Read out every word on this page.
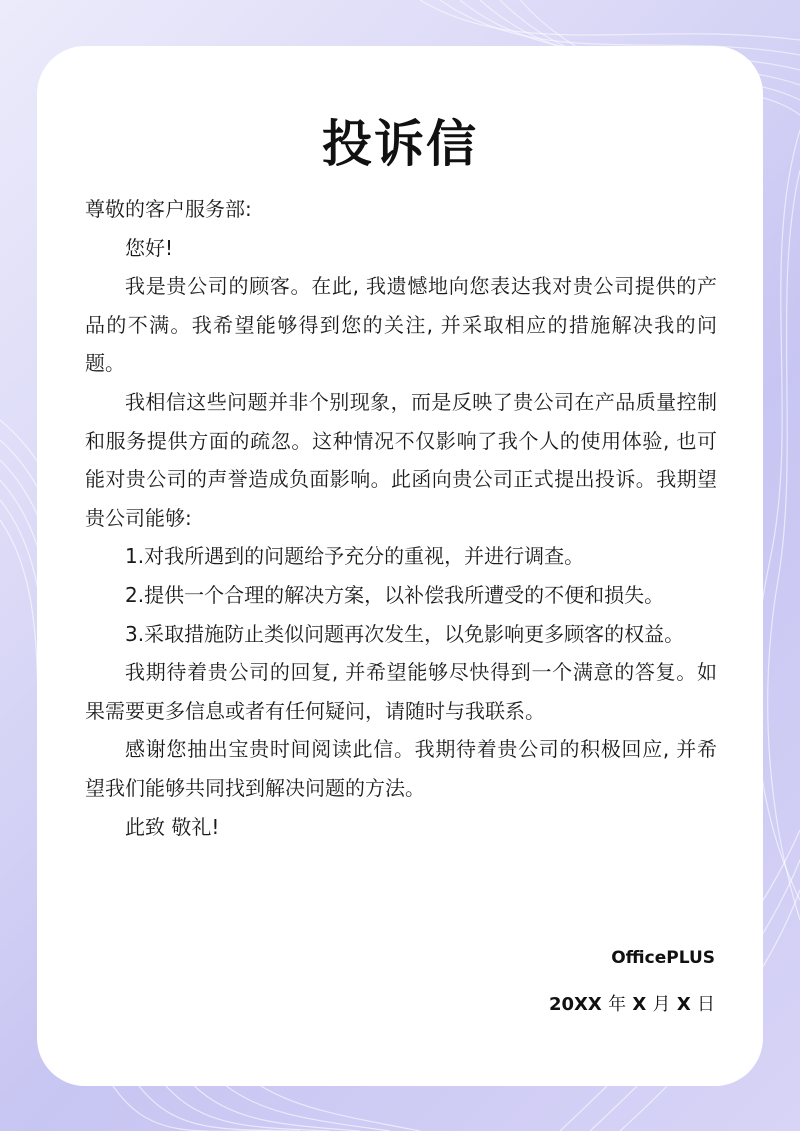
投诉信

尊敬的客户服务部:

您好!

我是贵公司的顾客。在此, 我遗憾地向您表达我对贵公司提供的产品的不满。我希望能够得到您的关注, 并采取相应的措施解决我的问题。

我相信这些问题并非个别现象，而是反映了贵公司在产品质量控制和服务提供方面的疏忽。这种情况不仅影响了我个人的使用体验, 也可能对贵公司的声誉造成负面影响。此函向贵公司正式提出投诉。我期望贵公司能够:

1.对我所遇到的问题给予充分的重视，并进行调查。

2.提供一个合理的解决方案，以补偿我所遭受的不便和损失。

3.采取措施防止类似问题再次发生，以免影响更多顾客的权益。

我期待着贵公司的回复, 并希望能够尽快得到一个满意的答复。如果需要更多信息或者有任何疑问，请随时与我联系。

感谢您抽出宝贵时间阅读此信。我期待着贵公司的积极回应, 并希望我们能够共同找到解决问题的方法。

此致 敬礼!

OfficePLUS
20XX 年 X 月 X 日
